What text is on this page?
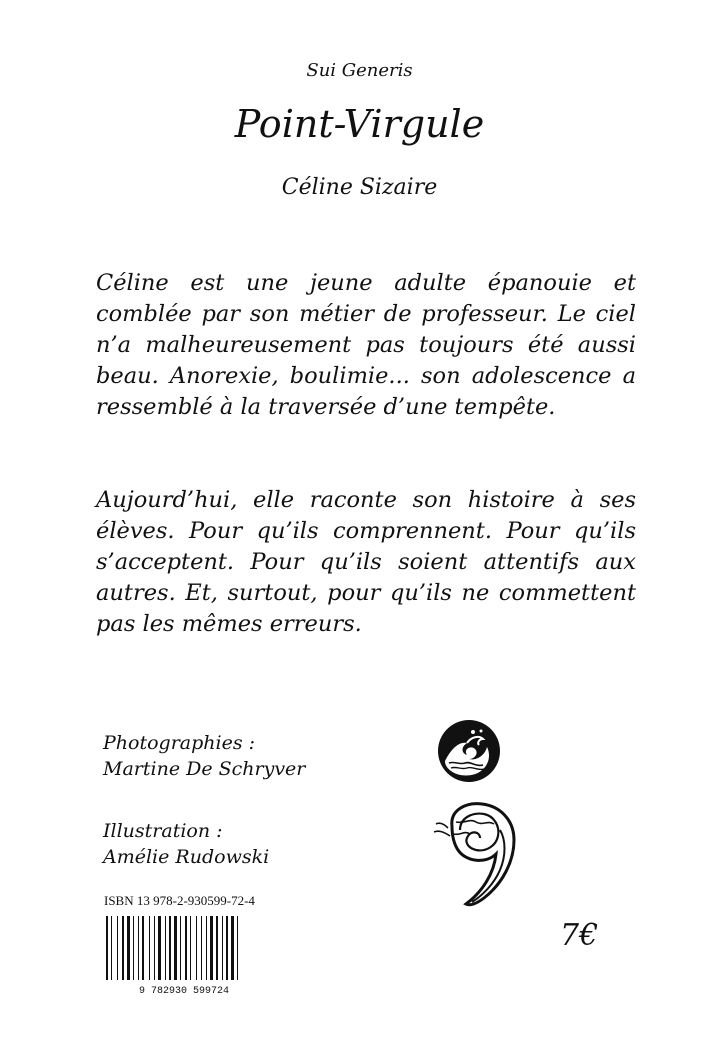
Sui Generis
Point-Virgule
Céline Sizaire
Céline est une jeune adulte épanouie et comblée par son métier de professeur. Le ciel n’a malheureusement pas toujours été aussi beau. Anorexie, boulimie... son adolescence a ressemblé à la traversée d’une tempête.
Aujourd’hui, elle raconte son histoire à ses élèves. Pour qu’ils comprennent. Pour qu’ils s’acceptent. Pour qu’ils soient attentifs aux autres. Et, surtout, pour qu’ils ne commettent pas les mêmes erreurs.
Photographies :
Martine De Schryver
Illustration :
Amélie Rudowski
ISBN 13 978-2-930599-72-4
9 782930 599724
7€
